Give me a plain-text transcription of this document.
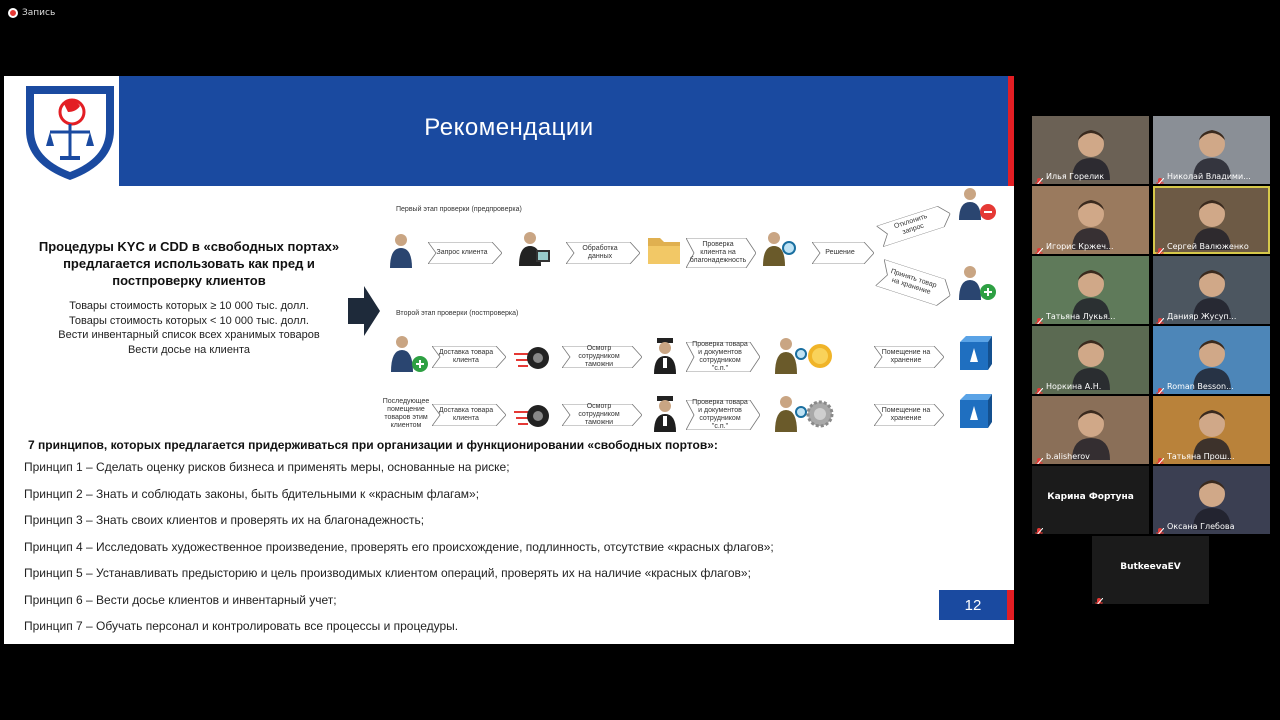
Запись
Рекомендации
Процедуры KYC и CDD в «свободных портах» предлагается использовать как пред и постпроверку клиентов
Товары стоимость которых ≥ 10 000 тыс. долл.
Товары стоимость которых < 10 000 тыс. долл.
Вести инвентарный список всех хранимых товаров
Вести досье на клиента
Первый этап проверки (предпроверка)
Второй этап проверки (постпроверка)
Запрос клиента
Обработка данных
Проверка клиента на благонадежность
Решение
Отклонить запрос
Принять товар на хранение
Доставка товара клиента
Осмотр сотрудником таможни
Проверка товара и документов сотрудником "с.п."
Помещение на хранение
Последующее помещение товаров этим клиентом
Доставка товара клиента
Осмотр сотрудником таможни
Проверка товара и документов сотрудником "с.п."
Помещение на хранение
7 принципов, которых предлагается придерживаться при организации и функционировании «свободных портов»:
Принцип 1 – Сделать оценку рисков бизнеса и применять меры, основанные на риске;
Принцип 2 – Знать и соблюдать законы, быть бдительными к «красным флагам»;
Принцип 3 – Знать своих клиентов и проверять их на благонадежность;
Принцип 4 – Исследовать художественное произведение, проверять его происхождение, подлинность, отсутствие «красных флагов»;
Принцип 5 – Устанавливать предысторию и цель производимых клиентом операций, проверять их на наличие «красных флагов»;
Принцип 6 – Вести досье клиентов и инвентарный учет;
Принцип 7 – Обучать персонал и контролировать все процессы и процедуры.
12
Илья Горелик	Николай Владими...
Игорис Кржеч...	Сергей Валюженко
Татьяна Лукья...	Данияр Жусуп...
Норкина А.Н.	Roman Besson...
b.alisherov	Татьяна Прош...
Карина Фортуна
Оксана Глебова
ButkeevaEV
